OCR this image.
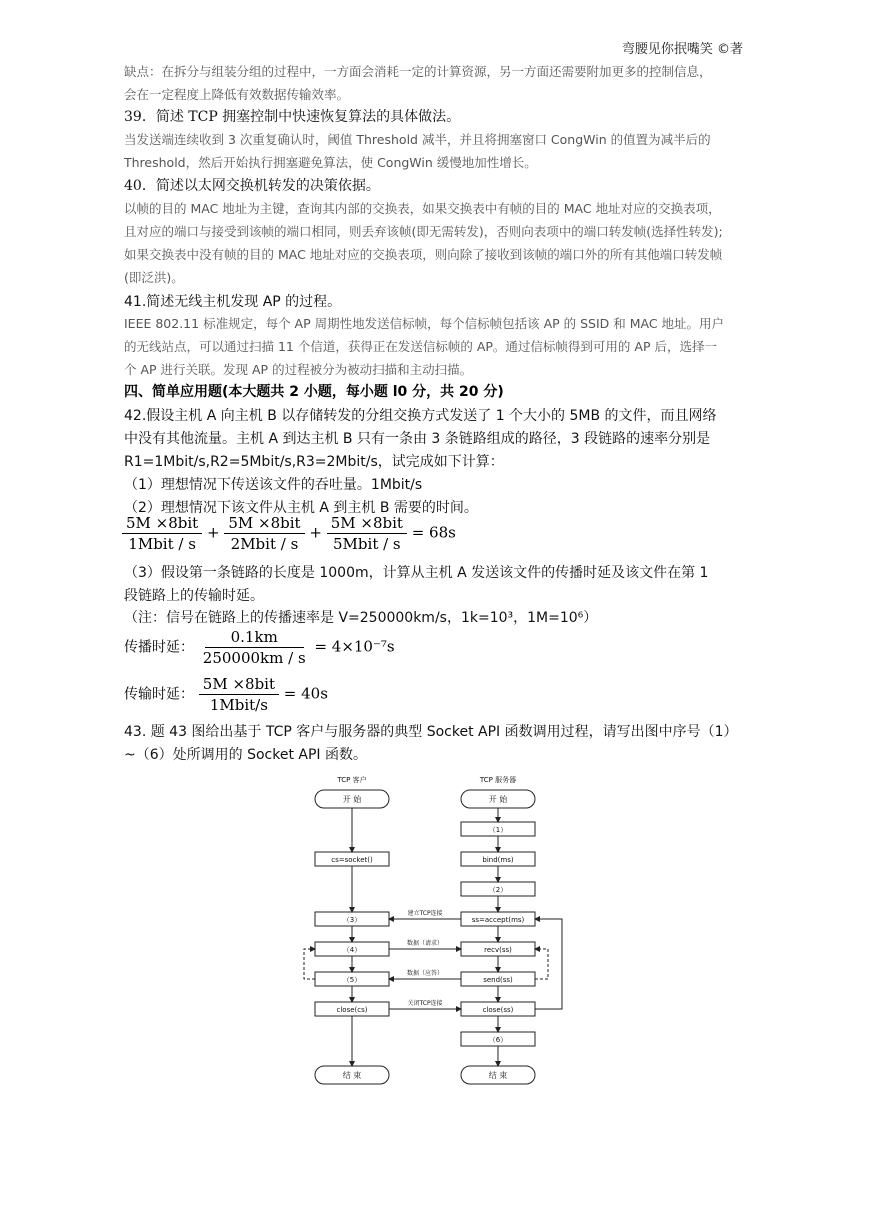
弯腰见你抿嘴笑 ©著
缺点：在拆分与组装分组的过程中，一方面会消耗一定的计算资源，另一方面还需要附加更多的控制信息，
会在一定程度上降低有效数据传输效率。
39．简述 TCP 拥塞控制中快速恢复算法的具体做法。
当发送端连续收到 3 次重复确认时，阈值 Threshold 减半，并且将拥塞窗口 CongWin 的值置为减半后的
Threshold，然后开始执行拥塞避免算法，使 CongWin 缓慢地加性增长。
40．简述以太网交换机转发的决策依据。
以帧的目的 MAC 地址为主键，查询其内部的交换表，如果交换表中有帧的目的 MAC 地址对应的交换表项，
且对应的端口与接受到该帧的端口相同，则丢弃该帧(即无需转发)，否则向表项中的端口转发帧(选择性转发);
如果交换表中没有帧的目的 MAC 地址对应的交换表项，则向除了接收到该帧的端口外的所有其他端口转发帧
(即泛洪)。
41.简述无线主机发现 AP 的过程。
IEEE 802.11 标准规定，每个 AP 周期性地发送信标帧，每个信标帧包括该 AP 的 SSID 和 MAC 地址。用户
的无线站点，可以通过扫描 11 个信道，获得正在发送信标帧的 AP。通过信标帧得到可用的 AP 后，选择一
个 AP 进行关联。发现 AP 的过程被分为被动扫描和主动扫描。
四、简单应用题(本大题共 2 小题，每小题 l0 分，共 20 分)
42.假设主机 A 向主机 B 以存储转发的分组交换方式发送了 1 个大小的 5MB 的文件，而且网络
中没有其他流量。主机 A 到达主机 B 只有一条由 3 条链路组成的路径，3 段链路的速率分别是
R1=1Mbit/s,R2=5Mbit/s,R3=2Mbit/s，试完成如下计算：
（1）理想情况下传送该文件的吞吐量。1Mbit/s
（2）理想情况下该文件从主机 A 到主机 B 需要的时间。
$\frac{\text{5M ×8bit}}{\text{1Mbit / s}} + \frac{\text{5M ×8bit}}{\text{2Mbit / s}} + \frac{\text{5M ×8bit}}{\text{5Mbit / s}} = 68s$
（3）假设第一条链路的长度是 1000m，计算从主机 A 发送该文件的传播时延及该文件在第 1
段链路上的传输时延。
（注：信号在链路上的传播速率是 V=250000km/s，1k=10³，1M=10⁶）
传播时延： $\frac{0.1km}{250000km / s} = 4\times 10^{-7}s$
传输时延： $\frac{\text{5M ×8bit}}{\text{1Mbit/s}} = 40s$
43. 题 43 图给出基于 TCP 客户与服务器的典型 Socket API 函数调用过程，请写出图中序号（1）
~（6）处所调用的 Socket API 函数。
TCP 客户	TCP 服务器
开 始	开 始
（1）
bind(ms)
cs=socket()
（2）
（3）	ss=accept(ms)
（4）	recv(ss)
（5）	send(ss)
close(cs)	close(ss)
（6）
结 束	结 束
建立TCP连接
数据（请求）
数据（应答）
关闭TCP连接
